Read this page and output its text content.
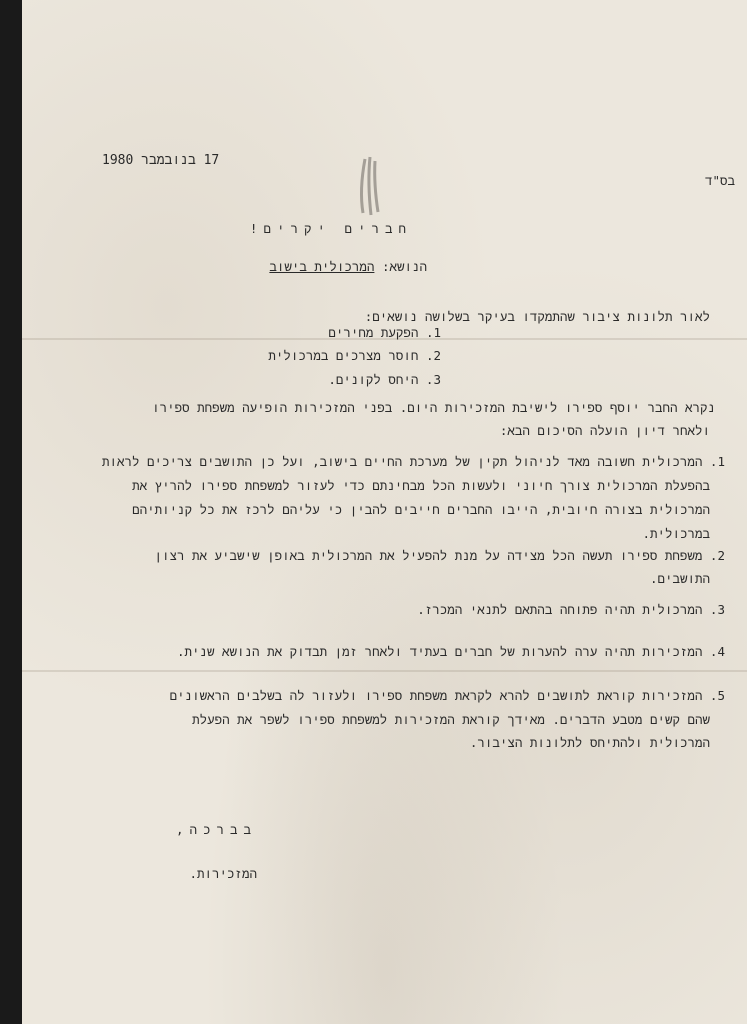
17 בנובמבר 1980
בס"ד
חברים יקרים!
הנושא: המרכולית בישוב
לאור תלונות ציבור שהתמקדו בעיקר בשלושה נושאים:
1. הפקעת מחירים
2. חוסר מצרכים במרכולית
3. היחס לקונים.
נקרא החבר יוסף ספירו לישיבת המזכירות היום. בפני המזכירות הופיעה משפחת ספירו
ולאחר דיון הועלה הסיכום הבא:
1. המרכולית חשובה מאד לניהול תקין של מערכת החיים בישוב, ועל כן התושבים צריכים לראות
בהפעלת המרכולית צורך חיוני ולעשות הכל מבחינתם כדי לעזור למשפחת ספירו להריץ את
המרכולית בצורה חיובית, הייבו החברים חייבים להבין כי עליהם לרכז את כל קניותיהם
במרכולית.
2. משפחת ספירו תעשה הכל מצידה על מנת להפעיל את המרכולית באופן שישביע את רצון
התושבים.
3. המרכולית תהיה פתוחה בהתאם לתנאי המכרז.
4. המזכירות תהיה ערה להערות של חברים בעתיד ולאחר זמן תבדוק את הנושא שנית.
5. המזכירות קוראת לתושבים להרא לקראת משפחת ספירו ולעזור לה בשלבים הראשונים
שהם קשים מטבע הדברים. מאידך קוראת המזכירות למשפחת ספירו לשפר את הפעלת
המרכולית ולהתיחס לתלונות הציבור.
בברכה,
המזכירות.
